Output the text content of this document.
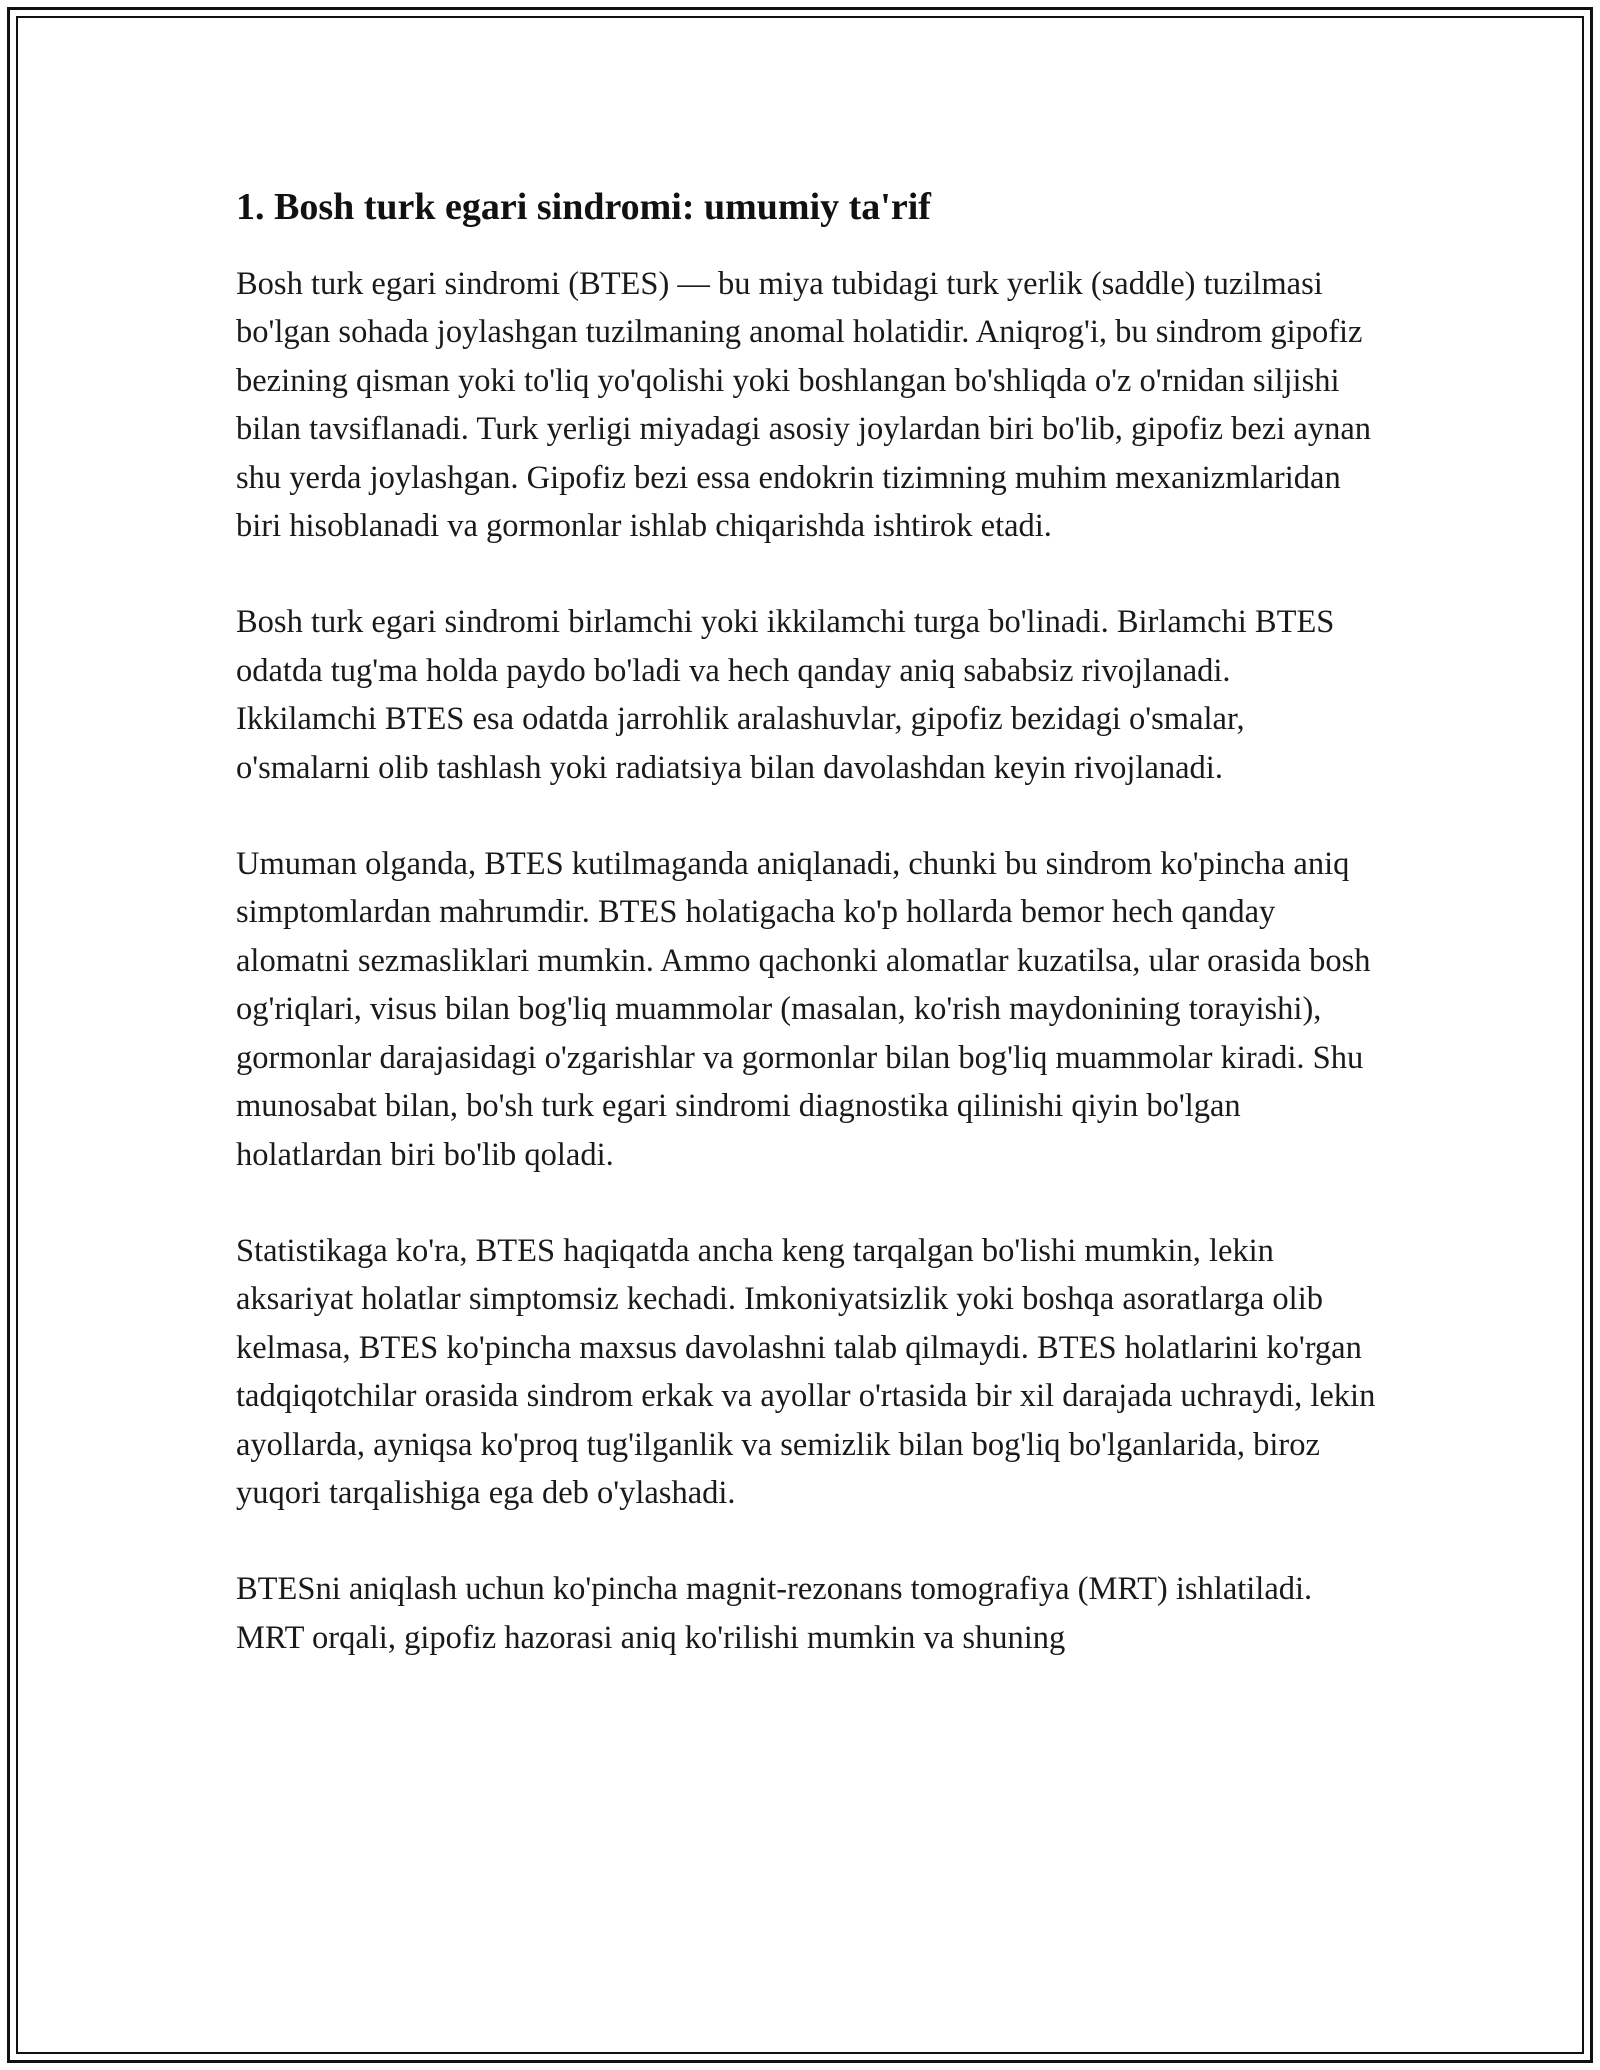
1. Bosh turk egari sindromi: umumiy ta'rif

Bosh turk egari sindromi (BTES) — bu miya tubidagi turk yerlik (saddle) tuzilmasi bo'lgan sohada joylashgan tuzilmaning anomal holatidir. Aniqrog'i, bu sindrom gipofiz bezining qisman yoki to'liq yo'qolishi yoki boshlangan bo'shliqda o'z o'rnidan siljishi bilan tavsiflanadi. Turk yerligi miyadagi asosiy joylardan biri bo'lib, gipofiz bezi aynan shu yerda joylashgan. Gipofiz bezi essa endokrin tizimning muhim mexanizmlaridan biri hisoblanadi va gormonlar ishlab chiqarishda ishtirok etadi.

Bosh turk egari sindromi birlamchi yoki ikkilamchi turga bo'linadi. Birlamchi BTES odatda tug'ma holda paydo bo'ladi va hech qanday aniq sababsiz rivojlanadi. Ikkilamchi BTES esa odatda jarrohlik aralashuvlar, gipofiz bezidagi o'smalar, o'smalarni olib tashlash yoki radiatsiya bilan davolashdan keyin rivojlanadi.

Umuman olganda, BTES kutilmaganda aniqlanadi, chunki bu sindrom ko'pincha aniq simptomlardan mahrumdir. BTES holatigacha ko'p hollarda bemor hech qanday alomatni sezmasliklari mumkin. Ammo qachonki alomatlar kuzatilsa, ular orasida bosh og'riqlari, visus bilan bog'liq muammolar (masalan, ko'rish maydonining torayishi), gormonlar darajasidagi o'zgarishlar va gormonlar bilan bog'liq muammolar kiradi. Shu munosabat bilan, bo'sh turk egari sindromi diagnostika qilinishi qiyin bo'lgan holatlardan biri bo'lib qoladi.

Statistikaga ko'ra, BTES haqiqatda ancha keng tarqalgan bo'lishi mumkin, lekin aksariyat holatlar simptomsiz kechadi. Imkoniyatsizlik yoki boshqa asoratlarga olib kelmasa, BTES ko'pincha maxsus davolashni talab qilmaydi. BTES holatlarini ko'rgan tadqiqotchilar orasida sindrom erkak va ayollar o'rtasida bir xil darajada uchraydi, lekin ayollarda, ayniqsa ko'proq tug'ilganlik va semizlik bilan bog'liq bo'lganlarida, biroz yuqori tarqalishiga ega deb o'ylashadi.

BTESni aniqlash uchun ko'pincha magnit-rezonans tomografiya (MRT) ishlatiladi. MRT orqali, gipofiz hazorasi aniq ko'rilishi mumkin va shuning
